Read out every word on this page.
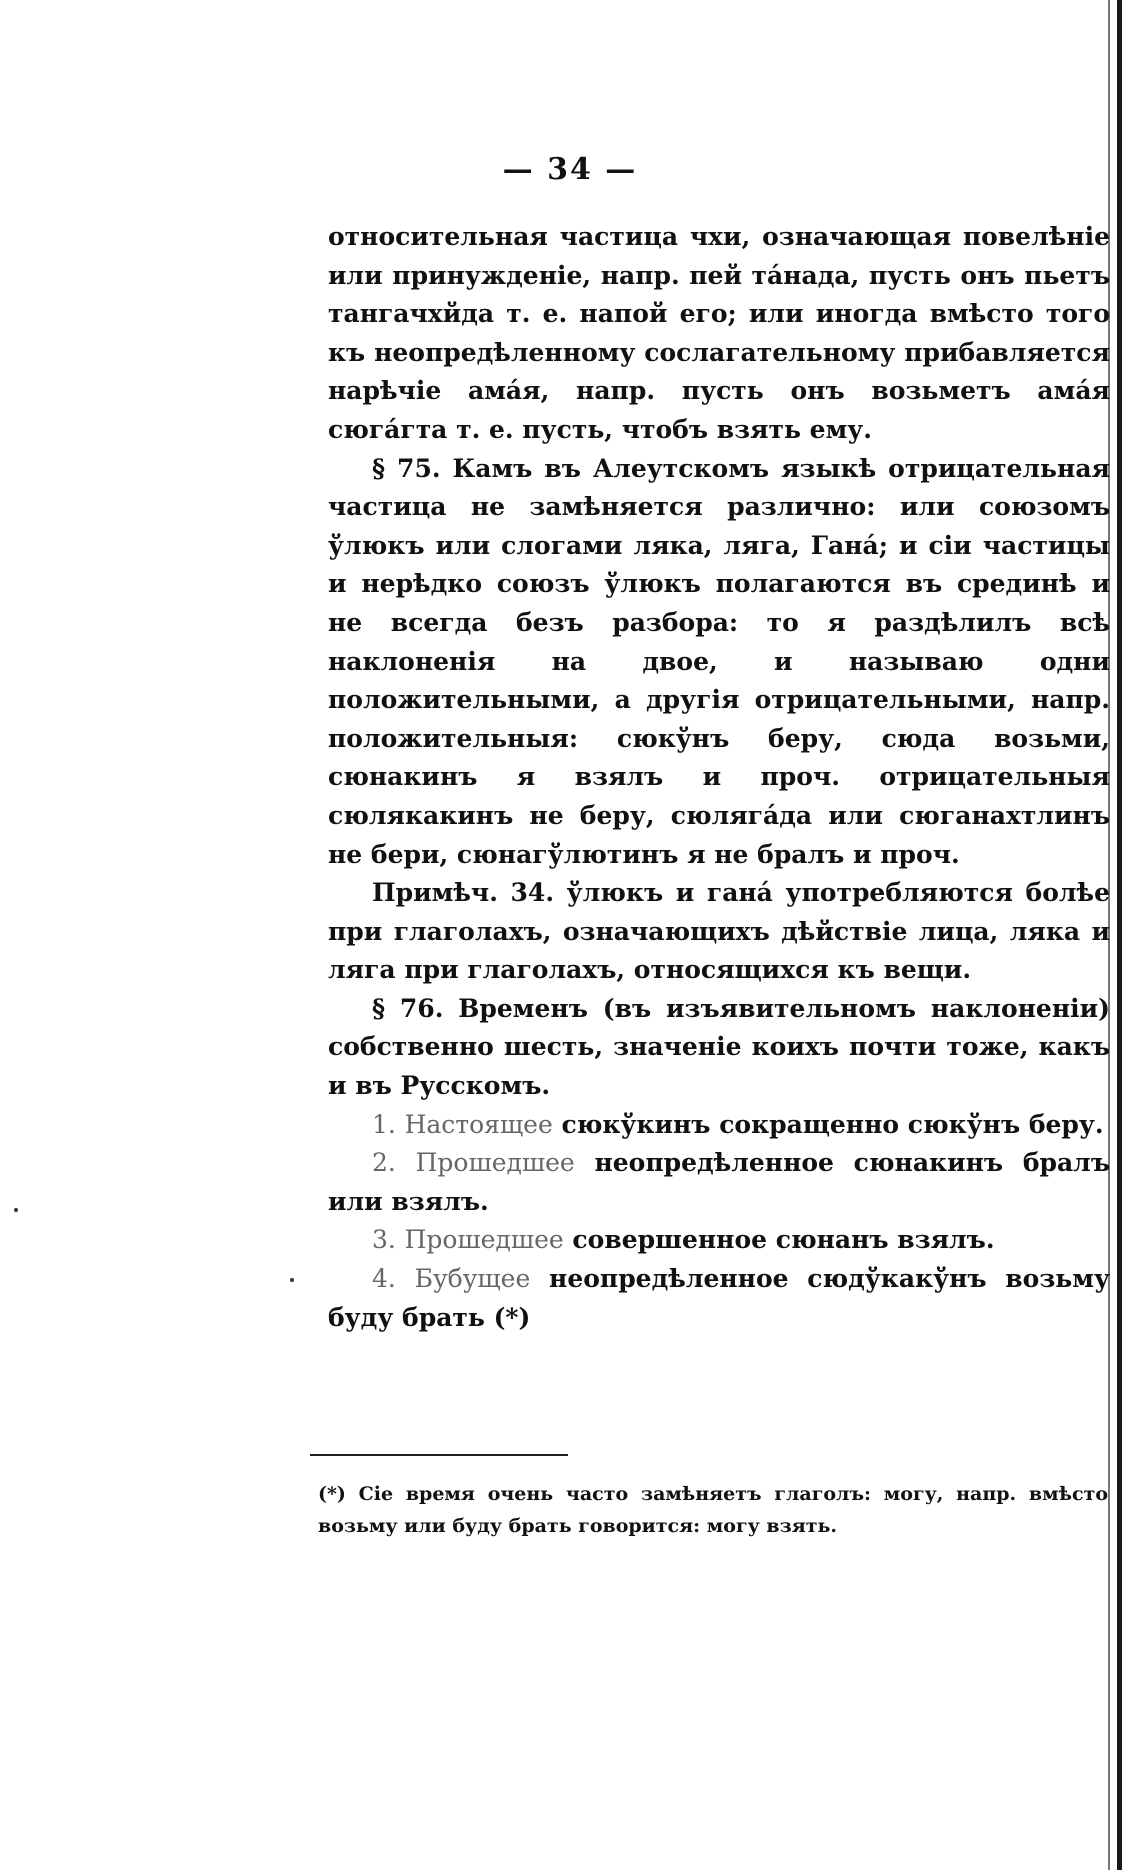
— 34 —

относительная частица чхи, означающая повелѣніе или принужденіе, напр. пей тáнада, пусть онъ пьетъ тангачхйда т. е. напой его; или иногда вмѣсто того къ неопредѣленному сослагательному прибавляется нарѣчіе амáя, напр. пусть онъ возьметъ амáя сюгáгта т. е. пусть, чтобъ взять ему.

§ 75. Камъ въ Алеутскомъ языкѣ отрицательная частица не замѣняется различно: или союзомъ ўлюкъ или слогами ляка, ляга, Ганá; и сіи частицы и нерѣдко союзъ ўлюкъ полагаются въ срединѣ и не всегда безъ разбора: то я раздѣлилъ всѣ наклоненія на двое, и называю одни положительными, а другія отрицательными, напр. положительныя: сюкўнъ беру, сюда возьми, сюнакинъ я взялъ и проч. отрицательныя сюлякакинъ не беру, сюлягáда или сюганахтлинъ не бери, сюнагўлютинъ я не бралъ и проч.

Примѣч. 34. ўлюкъ и ганá употребляются болѣе при глаголахъ, означающихъ дѣйствіе лица, ляка и ляга при глаголахъ, относящихся къ вещи.

§ 76. Временъ (въ изъявительномъ наклоненіи) собственно шесть, значеніе коихъ почти тоже, какъ и въ Русскомъ.

1. Настоящее сюкўкинъ сокращенно сюкўнъ беру.

2. Прошедшее неопредѣленное сюнакинъ бралъ или взялъ.

3. Прошедшее совершенное сюнанъ взялъ.

4. Бубущее неопредѣленное сюдўкакўнъ возьму буду брать (*)

(*) Сіе время очень часто замѣняетъ глаголъ: могу, напр. вмѣсто возьму или буду брать говорится: могу взять.
